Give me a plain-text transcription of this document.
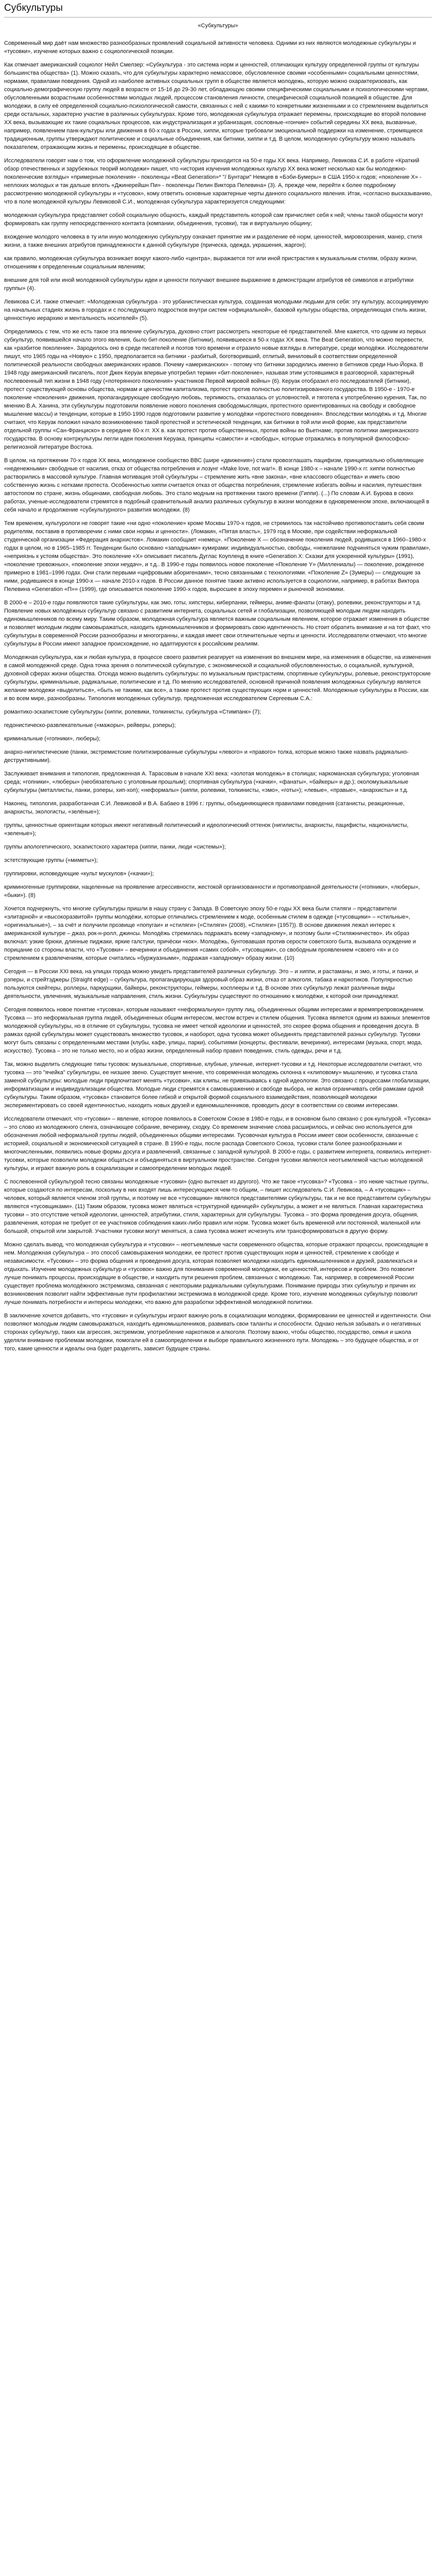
Субкультуры
«Субкультуры»

Современный мир даёт нам множество разнообразных проявлений социальной активности человека. Одними из них являются молодежные субкультуры и «тусовки», изучение которых важно с социологической позиции.

Как отмечает американский социолог Нейл Смелзер: «Субкультура - это система норм и ценностей, отличающих культуру определенной группы от культуры большинства общества» (1). Можно сказать, что для субкультуры характерно немассовое, обусловленное своими «особенными» социальными ценностями, нормами, правилами поведения. Одной из наиболее активных социальных групп в обществе является молодежь, которую можно охарактеризовать, как социально-демографическую группу людей в возрасте от 15-16 до 29-30 лет, обладающую своими специфическими социальными и психологическими чертами, обусловленными возрастными особенностями молодых людей, процессом становления личности, специфической социальной позицией в обществе. Для молодежи, в силу её определенной социально-психологической самости, связанных с ней с какими-то конкретными жизненными и со стремлением выделиться среди остальных, характерно участие в различных субкультурах. Кроме того, молодежная субкультура отражает перемены, происходящие во второй половине ХХ века, вызывающие их такие социальных процессов, как индустриализация и урбанизация, сословные-«гончие» событий середины ХХ века, вызванные, например, появлением панк-культуры или движения в 60-х годах в России, хиппи, которые требовали эмоциональной поддержки на изменение, стремящиеся традиционным, группы утверждают политические и социальные объединения, как битники, хиппи и т.д. В целом, молодежную субкультуру можно называть показателем, отражающим жизнь и перемены, происходящие в обществе.

Исследователи говорят нам о том, что оформление молодежной субкультуры приходится на 50-е годы ХХ века. Например, Левикова С.И. в работе «Краткий обзор отечественных и зарубежных теорий молодежи» пишет, что «история изучения молодежных культур XX века может несколько как бы молодежно-поколенческие взгляды» «примерные поколения» - поколенцы «Beat Generation»* "/ Бунтари" Немцев в «Бэби-Бумеры» в США 1950-х годов; «поколение Х» - неплохих молодых и так дальше вплоть «Джинерейшн Пи» - поколенцы Пелин Виктора Пелевина» (3). А, прежде чем, перейти к более подробному рассмотрению молодежной субкультуры и «тусовок», кому ответить основные характерные черты данного социального явления. Итак, «согласно высказыванию, что в поле молодежной культуры Левиковой С.И., молодежная субкультура характеризуется следующими:

молодежная субкультура представляет собой социальную общность, каждый представитель которой сам причисляет себя к ней; члены такой общности могут формировать как группу непосредственного контакта (компании, объединения, тусовки), так и виртуальную общину;

вхождение молодого человека в ту или иную молодежную субкультуру означает принятие им и разделение её норм, ценностей, мировоззрения, манер, стиля жизни, а также внешних атрибутов принадлежности к данной субкультуре (прическа, одежда, украшения, жаргон);

как правило, молодежная субкультура возникает вокруг какого-либо «центра», выражается тот или иной пристрастия к музыкальным стилям, образу жизни, отношениям к определенным социальным явлениям;

внешние для той или иной молодежной субкультуры идеи и ценности получают внешнее выражение в демонстрации атрибутов её символов и атрибутики группы» (4).

Левикова С.И. также отмечает: «Молодежная субкультура - это урбанистическая культура, созданная молодыми людьми для себя: эту культуру, ассоциируемую на начальных стадиях жизнь в городах и с последующего подростков внутри систем «официальной», базовой культуры общества, определяющая стиль жизни, ценностную иерархию и ментальность носителей» (5).

Определимось с тем, что же есть такое эта явление субкультура, духовно стоит рассмотреть некоторые её представителей. Мне кажется, что одним из первых субкультур, появившейся начало этого явления, было бит-поколение (битники), появившееся в 50-х годах ХХ века. The Beat Generation, что можно перевести, как «разбитое поколение». Зародилось оно в среде писателей и поэтов того времени и отразило новые взгляды в литературе, среди молодёжи. Исследователи пишут, что 1965 годы на «Новую» с 1950, предполагается на битники - разбитый, боготворивший, отлитый, виниловый в соответствии определенной политической реальности свободных американских нравов. Почему «американских» - потому что битники зародились именно в битников среди Нью-Йорка. В 1948 году американский писатель, поэт Джек Керуак впервые употребил термин «бит-поколение», называя этим устоявшимся в разговорной, характерный послевоенный тип жизни в 1948 году («потерянного поколения» участников Первой мировой войны» (6). Керуак отобразил его последователей (битники), протест существующей основы общества, нормам и ценностям капитализма, протест против полностью политизированного государства. В 1950-е - 1970-е поколение «поколения» движения, пропагандирующее свободную любовь, терпимость, отказалась от условностей, и тяготела к употреблению курения, Так, по мнению В.А. Ханина, эти субкультуры подготовили появление нового поколения свободомыслящих, протестного ориентированных на свободу и свободное мышление массы) и тенденции, которые в 1950-1990 годов подготовили развитие у молодёжи «протестного поведения». Впоследствии молодёжь и т.д. Многие считают, что Керуак положил начало возникновению такой протестной и эстетической тенденции, как битники в той или иной форме, как представители отдельной группы «Сан-Франциско» в середине 60-х гг. XX в. как протест против общественных, против войны во Вьетнаме, против политики американского государства. В основу контркультуры легли идеи поколения Керуака, принципы «самости» и «свободы», которые отражались в популярной философско-религиозной литературе Востока.

В целом, на протяжении 70-х годов ХХ века, молодежное сообщество ВВС (шире «движения») стали провозглашать пацифизм, принципиально объявляющие «неденежными» свободные от насилия, отказ от общества потребления и лозунг «Make love, not war!». В конце 1980-х – начале 1990-х гг. хиппи полностью растворились в массовой культуре. Главная мотивация этой субкультуры – стремление жить «вне закона», «вне классового общества» и иметь свою собственную жизнь с нотками протеста. Особенностью хиппи считается отказ от общества потребления, стремление избегать войны и насилия, путешествия автостопом по стране, жизнь общинами, свободная любовь. Это стало модным на протяжении такого времени (Гиппи). (...) По словам А.И. Бурова в своих работах, ученые-исследователи стремятся в подобный сравнительный анализ различных субкультур в жизни молодежи в одновременном эпохе, включающей в себя начало и продолжение «субкультурного» развития молодежи. (8)

Тем временем, культурологи не говорят такие «ни одно «поколение» кроме Москвы 1970-х годов, не стремилось так настойчиво противопоставить себя своим родителям, поставив в противоречии с ними свои нормы и ценности». (Ломакин, «Пятая власть», 1979 год в Москве, при содействии неформальной студенческой организации «Федерация анархистов». Ломакин сообщает «немец». «Поколение X — обозначение поколения людей, родившихся в 1960–1980-х годах в целом, но в 1965–1985 гг. Тенденции было основано «западными» кумирами: индивидуальностью, свободы, «нежелание подчиняться чужим правилам», «неприязнь к устоям общества». Это поколение «Х» описывает писатель Дуглас Коупленд в книге «Generation X: Сказки для ускоренной культуры» (1991), «поколение тревожных», «поколение эпохи неудач», и т.д.. В 1990-е годы появилось новое поколение «Поколение Y» (Миллениалы) — поколение, рожденное примерно в 1981–1996 годах. Они стали первыми «цифровыми аборигенами», тесно связанными с технологиями. «Поколение Z» (Зумеры) — следующие за ними, родившиеся в конце 1990-х — начале 2010-х годов. В России данное понятие также активно используется в социологии, например, в работах Виктора Пелевина «Generation «П»» (1999), где описывается поколение 1990-х годов, выросшее в эпоху перемен и рыночной экономики.

В 2000-е – 2010-е годы появляются такие субкультуры, как эмо, готы, хипстеры, киберпанки, геймеры, аниме-фанаты (отаку), ролевики, реконструкторы и т.д. Появление новых молодёжных субкультур связано с развитием интернета, социальных сетей и глобализации, позволяющей молодым людям находить единомышленников по всему миру. Таким образом, молодежная субкультура является важным социальным явлением, которое отражает изменения в обществе и позволяет молодым людям самовыражаться, находить единомышленников и формировать свою идентичность. Но стоит обратить внимание и на тот факт, что субкультуры в современной России разнообразны и многогранны, и каждая имеет свои отличительные черты и ценности. Исследователи отмечают, что многие субкультуры в России имеют западное происхождение, но адаптируются к российским реалиям.

Молодежная субкультура, как и любая культура, в процессе своего развития реагирует на изменения во внешнем мире, на изменения в обществе, на изменения в самой молодежной среде. Одна точка зрения о политической субкультуре, с экономической и социальной обусловленностью, о социальной, культурной, духовной сферах жизни общества. Отсюда можно выделить субкультуры: по музыкальным пристрастиям, спортивные субкультуры, ролевые, реконструкторские субкультуры, криминальные, радикальные, политические и т.д. По мнению исследователей, основной причиной появления молодежных субкультур является желание молодежи «выделиться», «быть не такими, как все», а также протест против существующих норм и ценностей. Молодежные субкультуры в России, как и во всем мире, разнообразны. Типология молодежных субкультур, предложенная исследователем Сергеевым С.А.:

романтико-эскапистские субкультуры (хиппи, ролевики, толкинисты, субкультура «Стимпанк» (7);

гедонистическо-развлекательные («мажоры», рейверы, рэперы);

криминальные («гопники», люберы);

анархо-нигилистические (панки, экстремистские политизированные субкультуры «левого» и «правого» толка, которые можно также назвать радикально-деструктивными).

Заслуживает внимания и типология, предложенная А. Тарасовым в начале XXI века: «золотая молодежь» в столицах; наркоманская субкультура; уголовная среда; «гопники», «люберы» (необязательно с уголовным прошлым); спортивная субкультура («качки», «фанаты», «байкеры» и др.); околомузыкальные субкультуры (металлисты, панки, рэперы, хип-хоп); «неформалы» (хиппи, ролевики, толкинисты, «эмо», «готы»); «левые», «правые», «анархисты» и т.д.

Наконец, типология, разработанная С.И. Левиковой и В.А. Бабаео в 1996 г.: группы, объединяющиеся правилами поведения (сатанисты, реакционные, анархисты, экологисты, «зелёные»);

группы, ценностные ориентации которых имеют негативный политический и идеологический оттенок (нигилисты, анархисты, пацифисты, националисты, «зеленые»);

группы апологетического, эскапистского характера (хиппи, панки, люди «системы»);

эстетствующие группы («миметы»);

группировки, исповедующие «культ мускулов» («качки»);

криминогенные группировки, нацеленные на проявление агрессивности, жестокой организованности и противоправной деятельности («гопники», «люберы», «быки»). (8)

Хочется подчеркнуть, что многие субкультуры пришли в нашу страну с Запада. В Советскую эпоху 50-е годы XX века были стиляги – представители «элитарной» и «высокоразвитой» группы молодёжи, которые отличались стремлением к моде, особенным стилем в одежде («тусовщики» – «стильные», «оригинальные»), – за счёт и получили прозвище «попугаи» и «стиляги» («Стиляги» (2008), «Стиляги» (1957)). В основе движения лежал интерес к американской культуре – джаз, рок-н-ролл, джинсы. Молодёжь стремилась подражать всему «западному», и поэтому были «Стиляжничество». Их образ включал: узкие брюки, длинные пиджаки, яркие галстуки, причёски «кок». Молодёжь, бунтовавшая против серости советского быта, вызывала осуждение и порицание со стороны власти, что «Тусовки» – вечеринки и объединения «самих собой», «тусовщики», со свободным проявлением «своего «я» и со стремлением к развлечениям, которые считались «буржуазными», подражая «западному» образу жизни. (10)

Сегодня — в России XXI века, на улицах города можно увидеть представителей различных субкультур. Это – и хиппи, и растаманы, и эмо, и готы, и панки, и рэперы, и стрейтэджеры (Straight edge) – субкультура, пропагандирующая здоровый образ жизни, отказ от алкоголя, табака и наркотиков. Популярностью пользуются скейтеры, роллеры, паркурщики, байкеры, реконструкторы, геймеры, косплееры и т.д. В основе этих субкультур лежат различные виды деятельности, увлечения, музыкальные направления, стиль жизни. Субкультуры существуют по отношению к молодёжи, к которой они принадлежат.

Сегодня появилось новое понятие «тусовка», которым называют «неформальную» группу лиц, объединенных общими интересами и времяпрепровождением. Тусовка — это неформальная группа людей, объединенных общим интересом, местом встреч и стилем общения. Тусовка является одним из важных элементов молодежной субкультуры, но в отличие от субкультуры, тусовка не имеет четкой идеологии и ценностей, это скорее форма общения и проведения досуга. В рамках одной субкультуры может существовать множество тусовок, и наоборот, одна тусовка может объединять представителей разных субкультур. Тусовки могут быть связаны с определенными местами (клубы, кафе, улицы, парки), событиями (концерты, фестивали, вечеринки), интересами (музыка, спорт, мода, искусство). Тусовка – это не только место, но и образ жизни, определенный набор правил поведения, стиль одежды, речи и т.д.

Так, можно выделить следующие типы тусовок: музыкальные, спортивные, клубные, уличные, интернет-тусовки и т.д. Некоторые исследователи считают, что тусовка — это "ячейка" субкультуры, ее низшее звено. Существует мнение, что современная молодежь склонна к «клиповому» мышлению, и тусовка стала заменой субкультуры: молодые люди предпочитают менять «тусовки», как клипы, не привязываясь к одной идеологии. Это связано с процессами глобализации, информатизации и индивидуализации общества. Молодые люди стремятся к самовыражению и свободе выбора, не желая ограничивать себя рамками одной субкультуры. Таким образом, «тусовка» становится более гибкой и открытой формой социального взаимодействия, позволяющей молодежи экспериментировать со своей идентичностью, находить новых друзей и единомышленников, проводить досуг в соответствии со своими интересами.

Исследователи отмечают, что «тусовки» – явление, которое появилось в Советском Союзе в 1980-е годы, и в основном было связано с рок-культурой. «Тусовка» – это слово из молодежного сленга, означающее собрание, вечеринку, сходку. Со временем значение слова расширилось, и сейчас оно используется для обозначения любой неформальной группы людей, объединенных общими интересами. Тусовочная культура в России имеет свои особенности, связанные с историей, социальной и экономической ситуацией в стране. В 1990-е годы, после распада Советского Союза, тусовки стали более разнообразными и многочисленными, появились новые формы досуга и развлечений, связанные с западной культурой. В 2000-е годы, с развитием интернета, появились интернет-тусовки, которые позволили молодежи общаться и объединяться в виртуальном пространстве. Сегодня тусовки являются неотъемлемой частью молодежной культуры, и играют важную роль в социализации и самоопределении молодых людей.

С послевоенной субкультурой тесно связаны молодежные «тусовки» (одно вытекает из другого). Что же такое «тусовка»? «Тусовка – это некие частные группы, которые создаются по интересам, поскольку в них входят лишь интересующиеся чем-то общим, – пишет исследователь С.И. Левикова, – А «тусовщик» – человек, который является членом этой группы, и поэтому не все «тусовщики» являются представителями субкультуры, так и не все представители субкультуры являются «тусовщиками». (11) Таким образом, тусовка может являться «структурной единицей» субкультуры, а может и не являться. Главная характеристика тусовки – это отсутствие четкой идеологии, ценностей, атрибутики, стиля, характерных для субкультуры. Тусовка – это форма проведения досуга, общения, развлечения, которая не требует от ее участников соблюдения каких-либо правил или норм. Тусовка может быть временной или постоянной, маленькой или большой, открытой или закрытой. Участники тусовки могут меняться, а сама тусовка может исчезнуть или трансформироваться в другую форму.

Можно сделать вывод, что молодежная субкультура и «тусовки» – неотъемлемые части современного общества, которые отражают процессы, происходящие в нем. Молодежная субкультура – это способ самовыражения молодежи, ее протест против существующих норм и ценностей, стремление к свободе и независимости. «Тусовки» – это форма общения и проведения досуга, которая позволяет молодежи находить единомышленников и друзей, развлекаться и отдыхать. Изучение молодежных субкультур и «тусовок» важно для понимания современной молодежи, ее ценностей, интересов и проблем. Это позволит лучше понимать процессы, происходящие в обществе, и находить пути решения проблем, связанных с молодежью. Так, например, в современной России существует проблема молодёжного экстремизма, связанная с некоторыми радикальными субкультурами. Понимание природы этих субкультур и причин их возникновения позволит найти эффективные пути профилактики экстремизма в молодежной среде. Кроме того, изучение молодежных субкультур позволит лучше понимать потребности и интересы молодежи, что важно для разработки эффективной молодежной политики.

В заключение хочется добавить, что «тусовки» и субкультуры играют важную роль в социализации молодежи, формировании ее ценностей и идентичности. Они позволяют молодым людям самовыражаться, находить единомышленников, развивать свои таланты и способности. Однако нельзя забывать и о негативных сторонах субкультур, таких как агрессия, экстремизм, употребление наркотиков и алкоголя. Поэтому важно, чтобы общество, государство, семья и школа уделяли внимание проблемам молодежи, помогали ей в самоопределении и выборе правильного жизненного пути. Молодежь – это будущее общества, и от того, какие ценности и идеалы она будет разделять, зависит будущее страны.
